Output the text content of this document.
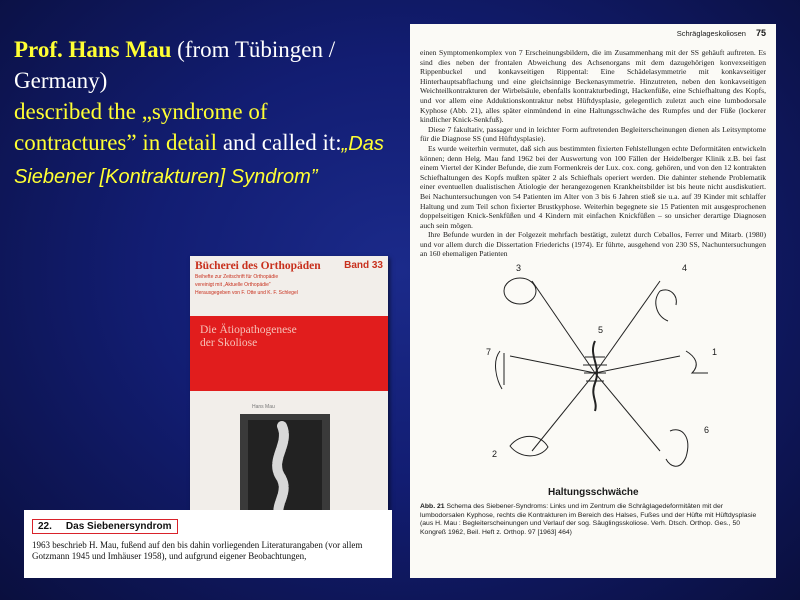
Prof. Hans Mau (from Tübingen / Germany)
described the „syndrome of contractures” in detail and called it:„Das Siebener [Kontrakturen] Syndrom”
Bücherei des Orthopäden	Band 33
Beihefte zur Zeitschrift für Orthopädie
vereinigt mit „Aktuelle Orthopädie“
Herausgegeben von F. Otte und K. F. Schlegel
Die Ätiopathogenese
der Skoliose
Hans Mau
22. Das Siebenersyndrom
1963 beschrieb H. Mau, fußend auf den bis dahin vorliegenden Literaturangaben (vor allem Gotzmann 1945 und Imhäuser 1958), und aufgrund eigener Beobachtungen,
Schräglageskoliosen 75

einen Symptomenkomplex von 7 Erscheinungsbildern, die im Zusammenhang mit der SS gehäuft auftreten. Es sind dies neben der frontalen Abweichung des Achsenorgans mit dem dazugehörigen konvexseitigen Rippenbuckel und konkavseitigen Rippental: Eine Schädelasymmetrie mit konkavseitiger Hinterhauptsabflachung und eine gleichsinnige Beckenasymmetrie. Hinzutreten, neben den konkavseitigen Weichteilkontrakturen der Wirbelsäule, ebenfalls kontrakturbedingt, Hackenfüße, eine Schiefhaltung des Kopfs, und vor allem eine Adduktionskontraktur nebst Hüftdysplasie, gelegentlich zuletzt auch eine lumbodorsale Kyphose (Abb. 21), alles später einmündend in eine Haltungsschwäche des Rumpfes und der Füße (lockerer kindlicher Knick-Senkfuß).

Diese 7 fakultativ, passager und in leichter Form auftretenden Begleiterscheinungen dienen als Leitsymptome für die Diagnose SS (und Hüftdysplasie).

Es wurde weiterhin vermutet, daß sich aus bestimmten fixierten Fehlstellungen echte Deformitäten entwickeln können; denn Helg. Mau fand 1962 bei der Auswertung von 100 Fällen der Heidelberger Klinik z.B. bei fast einem Viertel der Kinder Befunde, die zum Formenkreis der Lux. cox. cong. gehören, und von den 12 kontrakten Schiefhaltungen des Kopfs mußten später 2 als Schiefhals operiert werden. Die dahinter stehende Problematik einer eventuellen dualistischen Ätiologie der herangezogenen Krankheitsbilder ist bis heute nicht ausdiskutiert. Bei Nachuntersuchungen von 54 Patienten im Alter von 3 bis 6 Jahren stieß sie u.a. auf 39 Kinder mit schlaffer Haltung und zum Teil schon fixierter Brustkyphose. Weiterhin begegnete sie 15 Patienten mit ausgesprochenen doppelseitigen Knick-Senkfüßen und 4 Kindern mit einfachen Knickfüßen – so unsicher derartige Diagnosen auch sein mögen.

Ihre Befunde wurden in der Folgezeit mehrfach bestätigt, zuletzt durch Ceballos, Ferrer und Mitarb. (1980) und vor allem durch die Dissertation Friederichs (1974). Er führte, ausgehend von 230 SS, Nachuntersuchungen an 160 ehemaligen Patienten

3	4
5
7	1
2
6
Haltungsschwäche
Abb. 21 Schema des Siebener-Syndroms: Links und im Zentrum die Schräglagedeformitäten mit der lumbodorsalen Kyphose, rechts die Kontrakturen im Bereich des Halses, Fußes und der Hüfte mit Hüftdysplasie (aus H. Mau : Begleiterscheinungen und Verlauf der sog. Säuglingsskoliose. Verh. Dtsch. Orthop. Ges., 50 Kongreß 1962, Beil. Heft z. Orthop. 97 [1963] 464)
